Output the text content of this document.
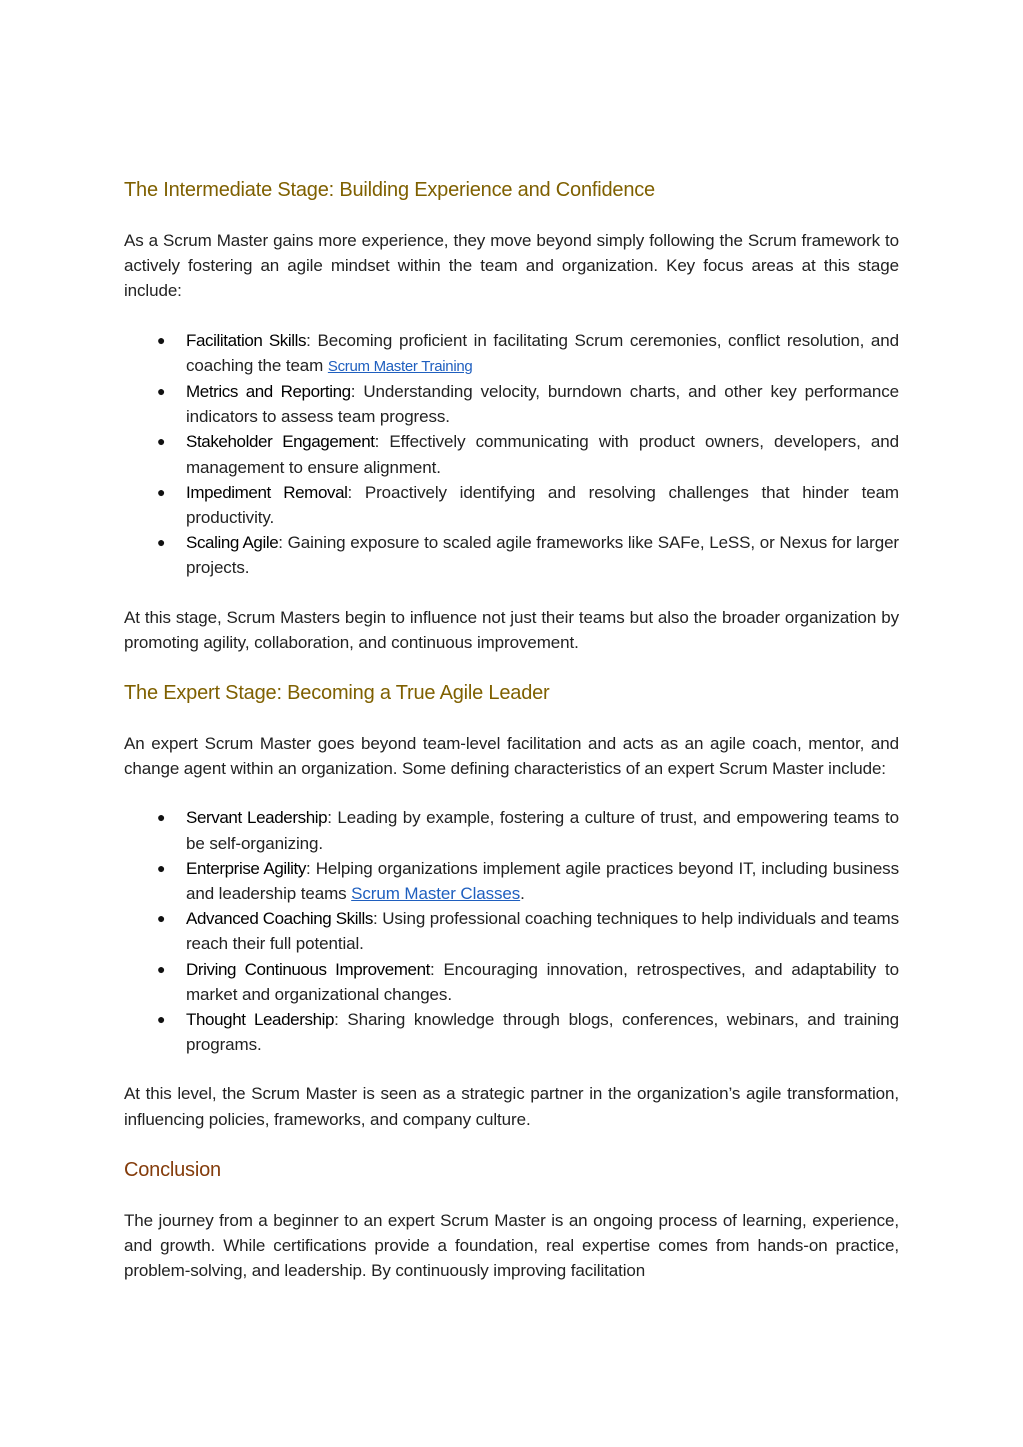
The Intermediate Stage: Building Experience and Confidence

As a Scrum Master gains more experience, they move beyond simply following the Scrum framework to actively fostering an agile mindset within the team and organization. Key focus areas at this stage include:

● Facilitation Skills: Becoming proficient in facilitating Scrum ceremonies, conflict resolution, and coaching the team Scrum Master Training
● Metrics and Reporting: Understanding velocity, burndown charts, and other key performance indicators to assess team progress.
● Stakeholder Engagement: Effectively communicating with product owners, developers, and management to ensure alignment.
● Impediment Removal: Proactively identifying and resolving challenges that hinder team productivity.
● Scaling Agile: Gaining exposure to scaled agile frameworks like SAFe, LeSS, or Nexus for larger projects.

At this stage, Scrum Masters begin to influence not just their teams but also the broader organization by promoting agility, collaboration, and continuous improvement.

The Expert Stage: Becoming a True Agile Leader

An expert Scrum Master goes beyond team-level facilitation and acts as an agile coach, mentor, and change agent within an organization. Some defining characteristics of an expert Scrum Master include:

● Servant Leadership: Leading by example, fostering a culture of trust, and empowering teams to be self-organizing.
● Enterprise Agility: Helping organizations implement agile practices beyond IT, including business and leadership teams Scrum Master Classes.
● Advanced Coaching Skills: Using professional coaching techniques to help individuals and teams reach their full potential.
● Driving Continuous Improvement: Encouraging innovation, retrospectives, and adaptability to market and organizational changes.
● Thought Leadership: Sharing knowledge through blogs, conferences, webinars, and training programs.

At this level, the Scrum Master is seen as a strategic partner in the organization’s agile transformation, influencing policies, frameworks, and company culture.

Conclusion

The journey from a beginner to an expert Scrum Master is an ongoing process of learning, experience, and growth. While certifications provide a foundation, real expertise comes from hands-on practice, problem-solving, and leadership. By continuously improving facilitation
